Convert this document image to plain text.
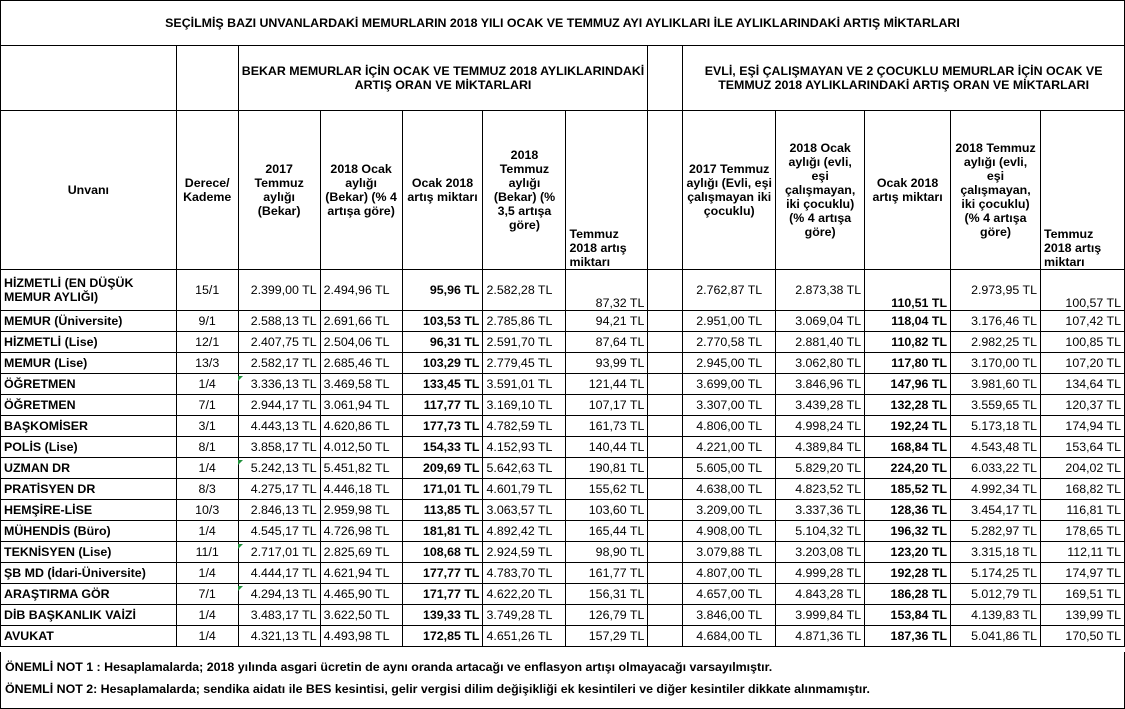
SEÇİLMİŞ BAZI UNVANLARDAKİ MEMURLARIN 2018 YILI OCAK VE TEMMUZ AYI AYLIKLARI İLE AYLIKLARINDAKİ ARTIŞ MİKTARLARI												
		BEKAR MEMURLAR İÇİN OCAK VE TEMMUZ 2018 AYLIKLARINDAKİ ARTIŞ ORAN VE MİKTARLARI						EVLİ, EŞİ ÇALIŞMAYAN VE 2 ÇOCUKLU MEMURLAR İÇİN OCAK VE TEMMUZ 2018 AYLIKLARINDAKİ ARTIŞ ORAN VE MİKTARLARI				
Unvanı	Derece/ Kademe	2017 Temmuz aylığı (Bekar)	2018 Ocak aylığı (Bekar) (% 4 artışa göre)	Ocak 2018 artış miktarı	2018 Temmuz aylığı (Bekar) (% 3,5 artışa göre)	Temmuz 2018 artış miktarı		2017 Temmuz aylığı (Evli, eşi çalışmayan iki çocuklu)	2018 Ocak aylığı (evli, eşi çalışmayan, iki çocuklu) (% 4 artışa göre)	Ocak 2018 artış miktarı	2018 Temmuz aylığı (evli, eşi çalışmayan, iki çocuklu) (% 4 artışa göre)	Temmuz 2018 artış miktarı
HİZMETLİ (EN DÜŞÜK MEMUR AYLIĞI)	15/1	2.399,00 TL	2.494,96 TL	95,96 TL	2.582,28 TL	87,32 TL		2.762,87 TL	2.873,38 TL	110,51 TL	2.973,95 TL	100,57 TL
MEMUR (Üniversite)	9/1	2.588,13 TL	2.691,66 TL	103,53 TL	2.785,86 TL	94,21 TL		2.951,00 TL	3.069,04 TL	118,04 TL	3.176,46 TL	107,42 TL
HİZMETLİ (Lise)	12/1	2.407,75 TL	2.504,06 TL	96,31 TL	2.591,70 TL	87,64 TL		2.770,58 TL	2.881,40 TL	110,82 TL	2.982,25 TL	100,85 TL
MEMUR (Lise)	13/3	2.582,17 TL	2.685,46 TL	103,29 TL	2.779,45 TL	93,99 TL		2.945,00 TL	3.062,80 TL	117,80 TL	3.170,00 TL	107,20 TL
ÖĞRETMEN	1/4	3.336,13 TL	3.469,58 TL	133,45 TL	3.591,01 TL	121,44 TL		3.699,00 TL	3.846,96 TL	147,96 TL	3.981,60 TL	134,64 TL
ÖĞRETMEN	7/1	2.944,17 TL	3.061,94 TL	117,77 TL	3.169,10 TL	107,17 TL		3.307,00 TL	3.439,28 TL	132,28 TL	3.559,65 TL	120,37 TL
BAŞKOMİSER	3/1	4.443,13 TL	4.620,86 TL	177,73 TL	4.782,59 TL	161,73 TL		4.806,00 TL	4.998,24 TL	192,24 TL	5.173,18 TL	174,94 TL
POLİS (Lise)	8/1	3.858,17 TL	4.012,50 TL	154,33 TL	4.152,93 TL	140,44 TL		4.221,00 TL	4.389,84 TL	168,84 TL	4.543,48 TL	153,64 TL
UZMAN DR	1/4	5.242,13 TL	5.451,82 TL	209,69 TL	5.642,63 TL	190,81 TL		5.605,00 TL	5.829,20 TL	224,20 TL	6.033,22 TL	204,02 TL
PRATİSYEN DR	8/3	4.275,17 TL	4.446,18 TL	171,01 TL	4.601,79 TL	155,62 TL		4.638,00 TL	4.823,52 TL	185,52 TL	4.992,34 TL	168,82 TL
HEMŞİRE-LİSE	10/3	2.846,13 TL	2.959,98 TL	113,85 TL	3.063,57 TL	103,60 TL		3.209,00 TL	3.337,36 TL	128,36 TL	3.454,17 TL	116,81 TL
MÜHENDİS (Büro)	1/4	4.545,17 TL	4.726,98 TL	181,81 TL	4.892,42 TL	165,44 TL		4.908,00 TL	5.104,32 TL	196,32 TL	5.282,97 TL	178,65 TL
TEKNİSYEN (Lise)	11/1	2.717,01 TL	2.825,69 TL	108,68 TL	2.924,59 TL	98,90 TL		3.079,88 TL	3.203,08 TL	123,20 TL	3.315,18 TL	112,11 TL
ŞB MD (İdari-Üniversite)	1/4	4.444,17 TL	4.621,94 TL	177,77 TL	4.783,70 TL	161,77 TL		4.807,00 TL	4.999,28 TL	192,28 TL	5.174,25 TL	174,97 TL
ARAŞTIRMA GÖR	7/1	4.294,13 TL	4.465,90 TL	171,77 TL	4.622,20 TL	156,31 TL		4.657,00 TL	4.843,28 TL	186,28 TL	5.012,79 TL	169,51 TL
DİB BAŞKANLIK VAİZİ	1/4	3.483,17 TL	3.622,50 TL	139,33 TL	3.749,28 TL	126,79 TL		3.846,00 TL	3.999,84 TL	153,84 TL	4.139,83 TL	139,99 TL
AVUKAT	1/4	4.321,13 TL	4.493,98 TL	172,85 TL	4.651,26 TL	157,29 TL		4.684,00 TL	4.871,36 TL	187,36 TL	5.041,86 TL	170,50 TL
ÖNEMLİ NOT 1 : Hesaplamalarda; 2018 yılında asgari ücretin de aynı oranda artacağı ve enflasyon artışı olmayacağı varsayılmıştır.
ÖNEMLİ NOT 2: Hesaplamalarda; sendika aidatı ile BES kesintisi, gelir vergisi dilim değişikliği ek kesintileri ve diğer kesintiler dikkate alınmamıştır.
